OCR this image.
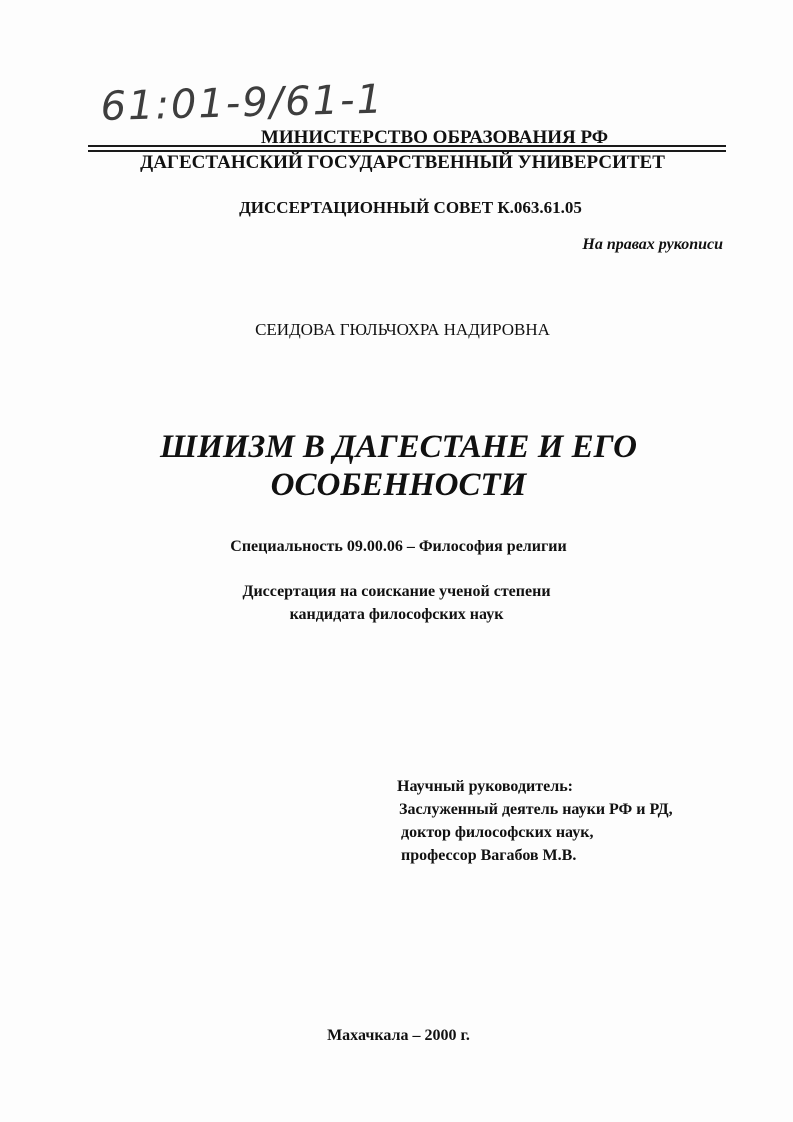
61:01-9/61-1
МИНИСТЕРСТВО ОБРАЗОВАНИЯ РФ
ДАГЕСТАНСКИЙ ГОСУДАРСТВЕННЫЙ УНИВЕРСИТЕТ
ДИССЕРТАЦИОННЫЙ СОВЕТ К.063.61.05
На правах рукописи
СЕИДОВА ГЮЛЬЧОХРА НАДИРОВНА
ШИИЗМ В ДАГЕСТАНЕ И ЕГО
ОСОБЕННОСТИ
Специальность 09.00.06 – Философия религии
Диссертация на соискание ученой степени
кандидата философских наук
Научный руководитель:
Заслуженный деятель науки РФ и РД,
доктор философских наук,
профессор Вагабов М.В.
Махачкала – 2000 г.
